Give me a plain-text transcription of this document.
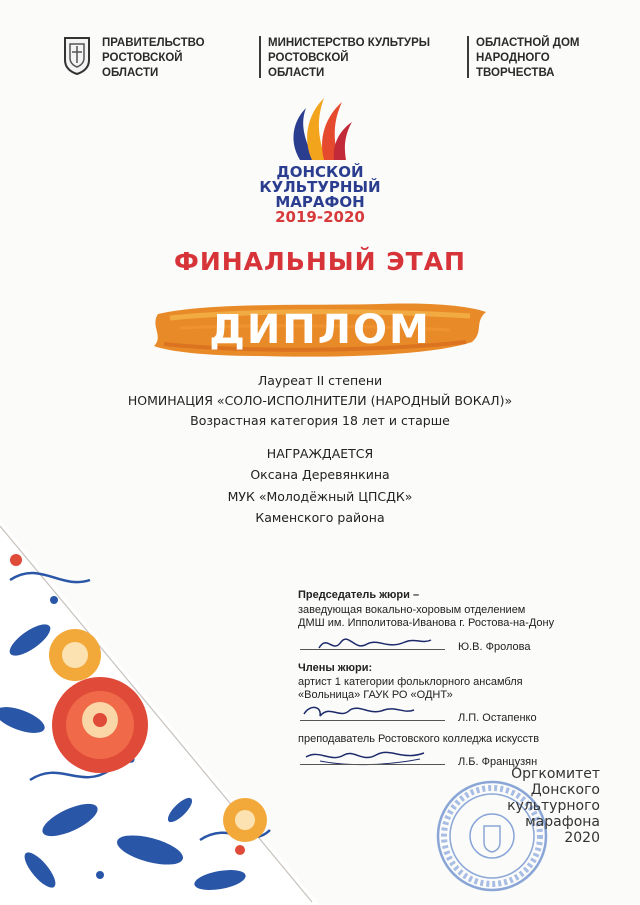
ПРАВИТЕЛЬСТВО
РОСТОВСКОЙ
ОБЛАСТИ
МИНИСТЕРСТВО КУЛЬТУРЫ
РОСТОВСКОЙ
ОБЛАСТИ
ОБЛАСТНОЙ ДОМ
НАРОДНОГО
ТВОРЧЕСТВА
ДОНСКОЙ
КУЛЬТУРНЫЙ
МАРАФОН
2019-2020
ФИНАЛЬНЫЙ ЭТАП
ДИПЛОМ
Лауреат II степени
НОМИНАЦИЯ «СОЛО-ИСПОЛНИТЕЛИ (НАРОДНЫЙ ВОКАЛ)»
Возрастная категория 18 лет и старше
НАГРАЖДАЕТСЯ
Оксана Деревянкина
МУК «Молодёжный ЦПСДК»
Каменского района
Председатель жюри –
заведующая вокально-хоровым отделением
ДМШ им. Ипполитова-Иванова г. Ростова-на-Дону
Ю.В. Фролова
Члены жюри:
артист 1 категории фольклорного ансамбля
«Вольница» ГАУК РО «ОДНТ»
Л.П. Остапенко
преподаватель Ростовского колледжа искусств
Л.Б. Французян
Оргкомитет
Донского
культурного
марафона
2020
